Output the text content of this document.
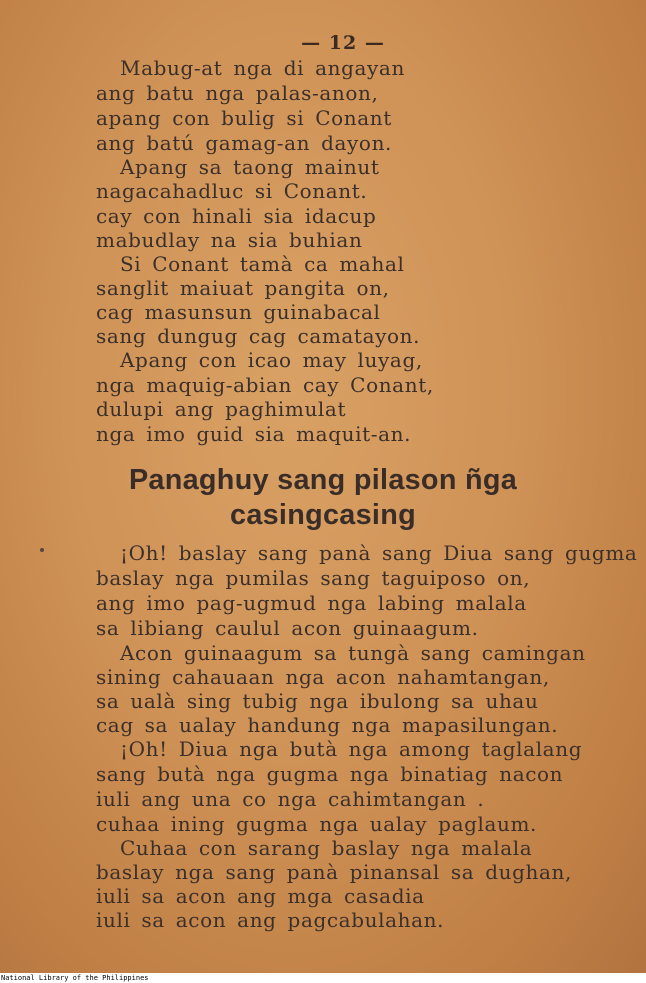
— 12 —
Mabug-at nga di angayan
ang batu nga palas-anon,
apang con bulig si Conant
ang batú gamag-an dayon.
Apang sa taong mainut
nagacahadluc si Conant.
cay con hinali sia idacup
mabudlay na sia buhian
Si Conant tamà ca mahal
sanglit maiuat pangita on,
cag masunsun guinabacal
sang dungug cag camatayon.
Apang con icao may luyag,
nga maquig-abian cay Conant,
dulupi ang paghimulat
nga imo guid sia maquit-an.
Panaghuy sang pilason ñga
casingcasing
¡Oh! baslay sang panà sang Diua sang gugma
baslay nga pumilas sang taguiposo on,
ang imo pag-ugmud nga labing malala
sa libiang caulul acon guinaagum.
Acon guinaagum sa tungà sang camingan
sining cahauaan nga acon nahamtangan,
sa ualà sing tubig nga ibulong sa uhau
cag sa ualay handung nga mapasilungan.
¡Oh! Diua nga butà nga among taglalang
sang butà nga gugma nga binatiag nacon
iuli ang una co nga cahimtangan .
cuhaa ining gugma nga ualay paglaum.
Cuhaa con sarang baslay nga malala
baslay nga sang panà pinansal sa dughan,
iuli sa acon ang mga casadia
iuli sa acon ang pagcabulahan.
National Library of the Philippines
